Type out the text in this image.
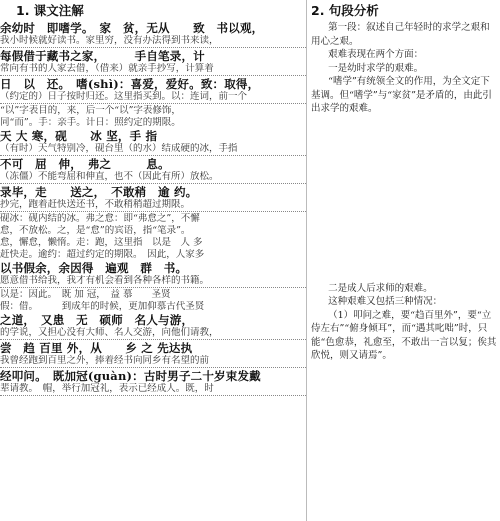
1. 课文注解
余幼时　即嗜学。　家　贫，无从　　致　书以观，
我小时候就好读书。家里穷，没有办法得到书来读，
每假借于藏书之家，　　　手自笔录，计
常向有书的人家去借，（借来）就亲手抄写，计算着
日　以　还。　嗜(shì)：喜爱，爱好。致：取得，
（约定的）日子按时归还。这里指买到。以：连词，前一个
“以”字表目的，来，后一个“以”字表修饰，
同“而”。手：亲手。计日：照约定的期限。
天 大 寒，砚　　冰 坚，手 指
（有时）天气特别冷，砚台里（的水）结成硬的冰，手指
不可　屈　伸，　弗之　　　息。
（冻僵）不能弯屈和伸直，也不（因此有所）放松。
录毕，走　　送之，　不敢稍　逾 约。
抄完，跑着赶快送还书，不敢稍稍超过期限。
砚冰：砚内结的冰。弗之怠：即“弗怠之”，不懈
怠，不放松。之，是“怠”的宾语，指“笔录”。
怠，懈怠，懒惰。走：跑，这里指　以是　人 多
赶快走。逾约：超过约定的期限。　因此，人家多
以书假余，余因得　遍观　群　书。
愿意借书给我，我才有机会看到各种各样的书籍。
以是：因此。　既 加 冠，　益 慕　　圣贤
假：借。　　　到成年的时候，更加仰慕古代圣贤
之道，　又患　无　硕师　名人与游，
的学说，又担心没有大师、名人交游，向他们请教，
尝　趋 百里 外，从　　乡 之 先达执
我曾经跑到百里之外，捧着经书向同乡有名望的前
经叩问。　既加冠(guàn)：古时男子二十岁束发戴
辈请教。　帽，举行加冠礼，表示已经成人。既，时
2. 句段分析

第一段：叙述自己年轻时的求学之艰和用心之艰。

艰难表现在两个方面：

一是幼时求学的艰难。

“嗜学”有统领全文的作用，为全文定下基调。但“嗜学”与“家贫”是矛盾的，由此引出求学的艰难。

二是成人后求师的艰难。

这种艰难又包括三种情况：

（1）叩问之难，要“趋百里外”，要“立侍左右”“俯身倾耳”，而“遇其叱咄”时，只能“色愈恭，礼愈至，不敢出一言以复；俟其欣悦，则又请焉”。
